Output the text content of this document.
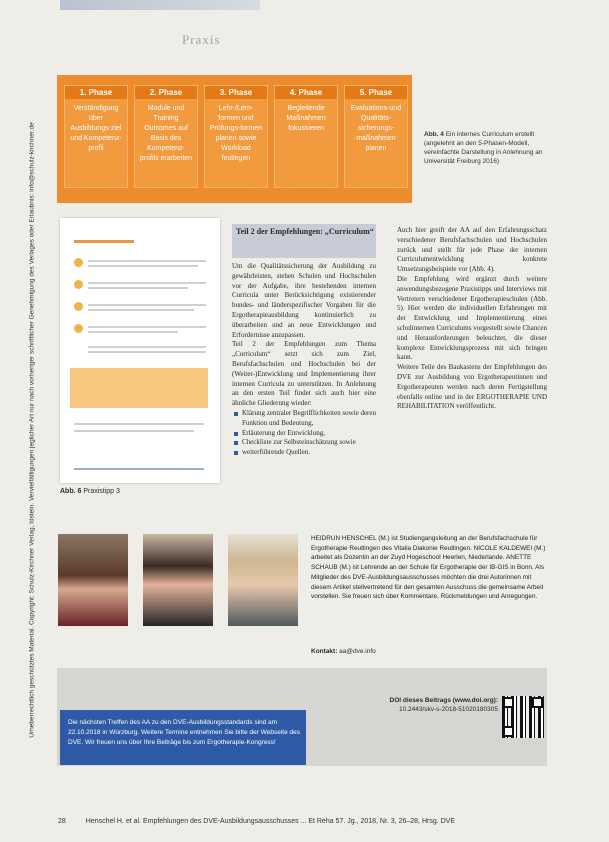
Praxis
Urheberrechtlich geschütztes Material. Copyright: Schulz-Kirchner Verlag, Idstein. Vervielfältigungen jeglicher Art nur nach vorheriger schriftlicher Genehmigung des Verlages oder Erlaubnis: info@schulz-kirchner.de
1. Phase
Verständigung über Ausbildungs-ziel und Kompetenz-profil
2. Phase
Module und Training Outcomes auf Basis des Kompetenz-profils erarbeiten
3. Phase
Lehr-/Lern-formen und Prüfungs-formen planen sowie Workload festlegen
4. Phase
Begleitende Maßnahmen fokussieren
5. Phase
Evaluations-und Qualitäts-sicherungs-maßnahmen planen
Abb. 4 Ein internes Curriculum erstellt (angelehnt an den 5-Phasen-Modell, vereinfachte Darstellung in Anlehnung an Universität Freiburg 2016)
Abb. 6 Praxistipp 3
Teil 2 der Empfehlungen: „Curriculum“
Um die Qualitätssicherung der Ausbildung zu gewährleisten, stehen Schulen und Hochschulen vor der Aufgabe, ihre bestehenden internen Curricula unter Berücksichtigung existierender bundes- und länderspezifischer Vorgaben für die Ergotherapieausbildung kontinuierlich zu überarbeiten und an neue Entwicklungen und Erfordernisse anzupassen.
Teil 2 der Empfehlungen zum Thema „Curriculum“ setzt sich zum Ziel, Berufsfachschulen und Hochschulen bei der (Weiter-)Entwicklung und Implementierung ihrer internen Curricula zu unterstützen. In Anlehnung an den ersten Teil findet sich auch hier eine ähnliche Gliederung wieder:
Klärung zentraler Begrifflichkeiten sowie deren Funktion und Bedeutung,
Erläuterung der Entwicklung,
Checkliste zur Selbsteinschätzung sowie
weiterführende Quellen.
Auch hier greift der AA auf den Erfahrungsschatz verschiedener Berufsfachschulen und Hochschulen zurück und stellt für jede Phase der internen Curriculumentwicklung konkrete Umsetzungsbeispiele vor (Abb. 4).
Die Empfehlung wird ergänzt durch weitere anwendungsbezogene Praxistipps und Interviews mit Vertretern verschiedener Ergotherapieschulen (Abb. 5). Hier werden die individuellen Erfahrungen mit der Entwicklung und Implementierung eines schulinternen Curriculums vorgestellt sowie Chancen und Herausforderungen beleuchtet, die dieser komplexe Entwicklungsprozess mit sich bringen kann.
Weitere Teile des Baukastens der Empfehlungen des DVE zur Ausbildung von Ergotherapeutinnen und Ergotherapeuten werden nach deren Fertigstellung ebenfalls online und in der ERGOTHERAPIE UND REHABILITATION veröffentlicht.
HEIDRUN HENSCHEL (M.) ist Studiengangsleitung an der Berufsfachschule für Ergotherapie Reutlingen des Vitalia Diakonie Reutlingen. NICOLE KALDEWEI (M.) arbeitet als Dozentin an der Zuyd Hogeschool Heerlen, Niederlande. ANETTE SCHAUB (M.) ist Lehrende an der Schule für Ergotherapie der IB-GIS in Bonn. Als Mitglieder des DVE-Ausbildungsausschusses möchten die drei Autorinnen mit diesem Artikel stellvertretend für den gesamten Ausschuss die gemeinsame Arbeit vorstellen. Sie freuen sich über Kommentare, Rückmeldungen und Anregungen.
Kontakt: aa@dve.info
DOI dieses Beitrags (www.doi.org):
10.2443/skv-s-2018-51020180305
Die nächsten Treffen des AA zu den DVE-Ausbildungsstandards sind am 22.10.2018 in Würzburg. Weitere Termine entnehmen Sie bitte der Webseite des DVE. Wir freuen uns über Ihre Beiträge bis zum Ergotherapie-Kongress!
28	Henschel H. et al. Empfehlungen des DVE-Ausbildungsausschusses ... Et Reha 57. Jg., 2018, Nr. 3, 26–28, Hrsg. DVE
